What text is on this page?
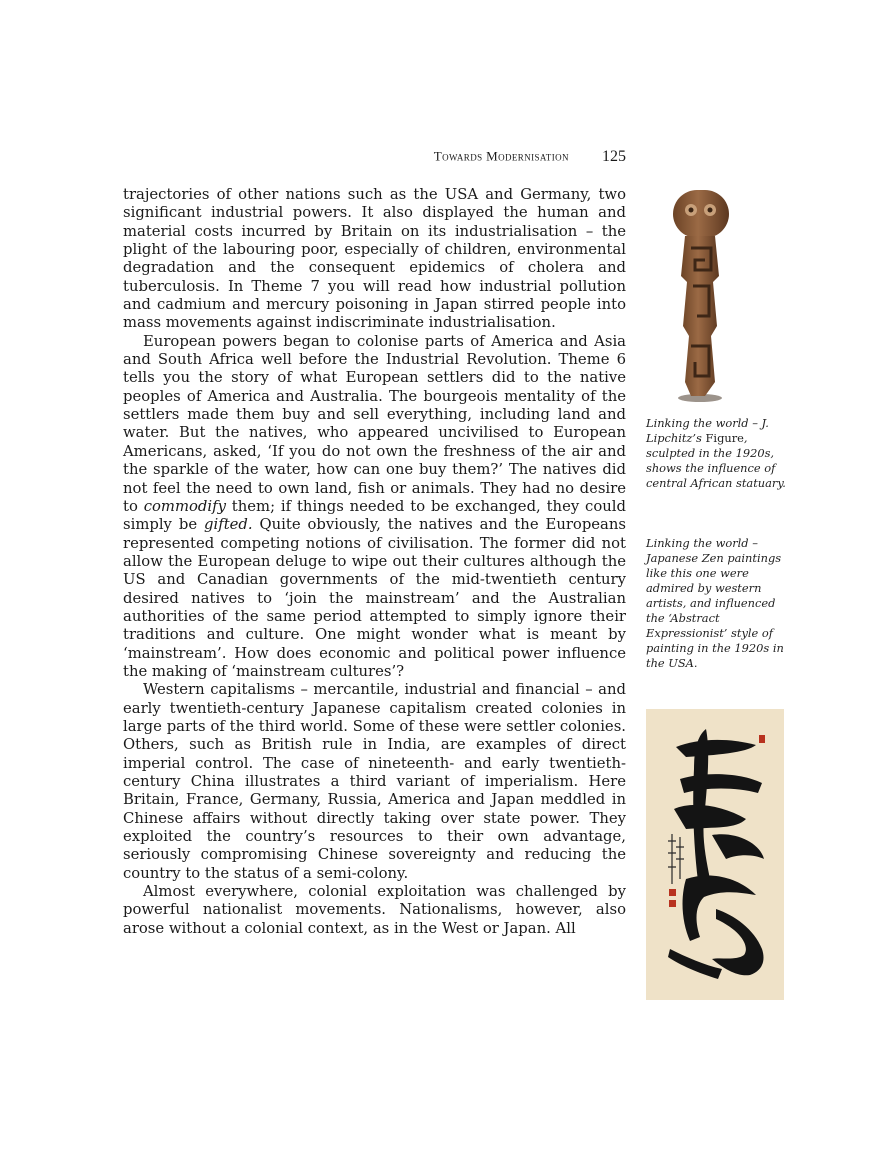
Towards Modernisation 125

trajectories of other nations such as the USA and Germany, two significant industrial powers. It also displayed the human and material costs incurred by Britain on its industrialisation – the plight of the labouring poor, especially of children, environmental degradation and the consequent epidemics of cholera and tuberculosis. In Theme 7 you will read how industrial pollution and cadmium and mercury poisoning in Japan stirred people into mass movements against indiscriminate industrialisation.

European powers began to colonise parts of America and Asia and South Africa well before the Industrial Revolution. Theme 6 tells you the story of what European settlers did to the native peoples of America and Australia. The bourgeois mentality of the settlers made them buy and sell everything, including land and water. But the natives, who appeared uncivilised to European Americans, asked, ‘If you do not own the freshness of the air and the sparkle of the water, how can one buy them?’ The natives did not feel the need to own land, fish or animals. They had no desire to commodify them; if things needed to be exchanged, they could simply be gifted. Quite obviously, the natives and the Europeans represented competing notions of civilisation. The former did not allow the European deluge to wipe out their cultures although the US and Canadian governments of the mid-twentieth century desired natives to ‘join the mainstream’ and the Australian authorities of the same period attempted to simply ignore their traditions and culture. One might wonder what is meant by ‘mainstream’. How does economic and political power influence the making of ‘mainstream cultures’?

Western capitalisms – mercantile, industrial and financial – and early twentieth-century Japanese capitalism created colonies in large parts of the third world. Some of these were settler colonies. Others, such as British rule in India, are examples of direct imperial control. The case of nineteenth- and early twentieth-century China illustrates a third variant of imperialism. Here Britain, France, Germany, Russia, America and Japan meddled in Chinese affairs without directly taking over state power. They exploited the country’s resources to their own advantage, seriously compromising Chinese sovereignty and reducing the country to the status of a semi-colony.

Almost everywhere, colonial exploitation was challenged by powerful nationalist movements. Nationalisms, however, also arose without a colonial context, as in the West or Japan. All

Linking the world – J. Lipchitz’s Figure, sculpted in the 1920s, shows the influence of central African statuary.
Linking the world – Japanese Zen paintings like this one were admired by western artists, and influenced the ‘Abstract Expressionist’ style of painting in the 1920s in the USA.
